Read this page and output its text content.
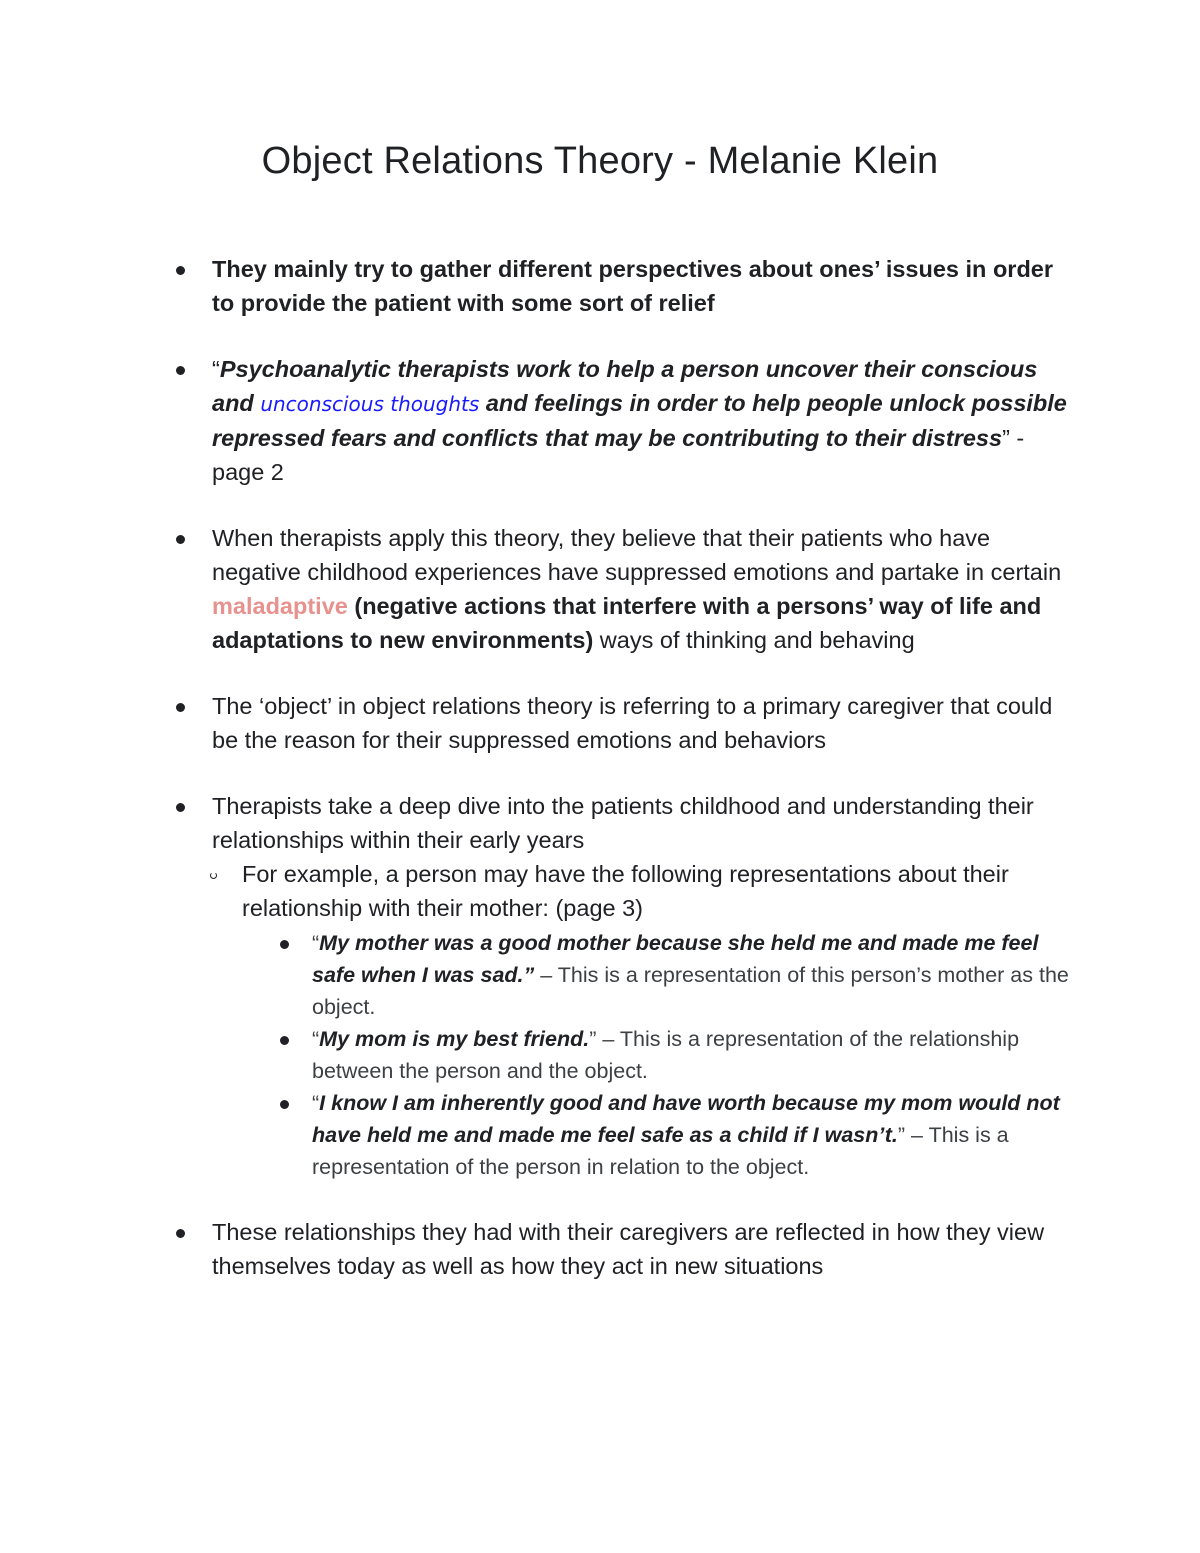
Object Relations Theory - Melanie Klein
They mainly try to gather different perspectives about ones’ issues in order to provide the patient with some sort of relief
“Psychoanalytic therapists work to help a person uncover their conscious and unconscious thoughts and feelings in order to help people unlock possible repressed fears and conflicts that may be contributing to their distress” - page 2
When therapists apply this theory, they believe that their patients who have negative childhood experiences have suppressed emotions and partake in certain maladaptive (negative actions that interfere with a persons’ way of life and adaptations to new environments) ways of thinking and behaving
The ‘object’ in object relations theory is referring to a primary caregiver that could be the reason for their suppressed emotions and behaviors
Therapists take a deep dive into the patients childhood and understanding their relationships within their early years
For example, a person may have the following representations about their relationship with their mother: (page 3)
“My mother was a good mother because she held me and made me feel safe when I was sad.” – This is a representation of this person’s mother as the object.
“My mom is my best friend.” – This is a representation of the relationship between the person and the object.
“I know I am inherently good and have worth because my mom would not have held me and made me feel safe as a child if I wasn’t.” – This is a representation of the person in relation to the object.
These relationships they had with their caregivers are reflected in how they view themselves today as well as how they act in new situations
